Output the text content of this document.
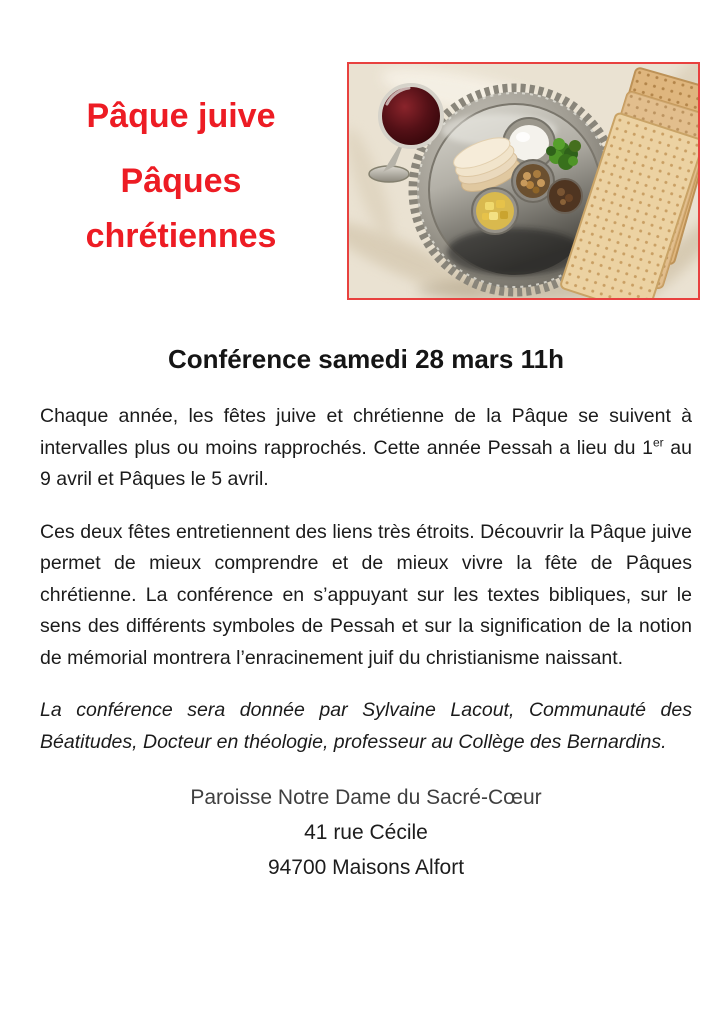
Pâque juive
Pâques chrétiennes
Conférence samedi 28 mars 11h

Chaque année, les fêtes juive et chrétienne de la Pâque se suivent à intervalles plus ou moins rapprochés. Cette année Pessah a lieu du 1er au 9 avril et Pâques le 5 avril.

Ces deux fêtes entretiennent des liens très étroits. Découvrir la Pâque juive permet de mieux comprendre et de mieux vivre la fête de Pâques chrétienne. La conférence en s’appuyant sur les textes bibliques, sur le sens des différents symboles de Pessah et sur la signification de la notion de mémorial montrera l’enracinement juif du christianisme naissant.

La conférence sera donnée par Sylvaine Lacout, Communauté des Béatitudes, Docteur en théologie, professeur au Collège des Bernardins.

Paroisse Notre Dame du Sacré-Cœur
41 rue Cécile
94700 Maisons Alfort
